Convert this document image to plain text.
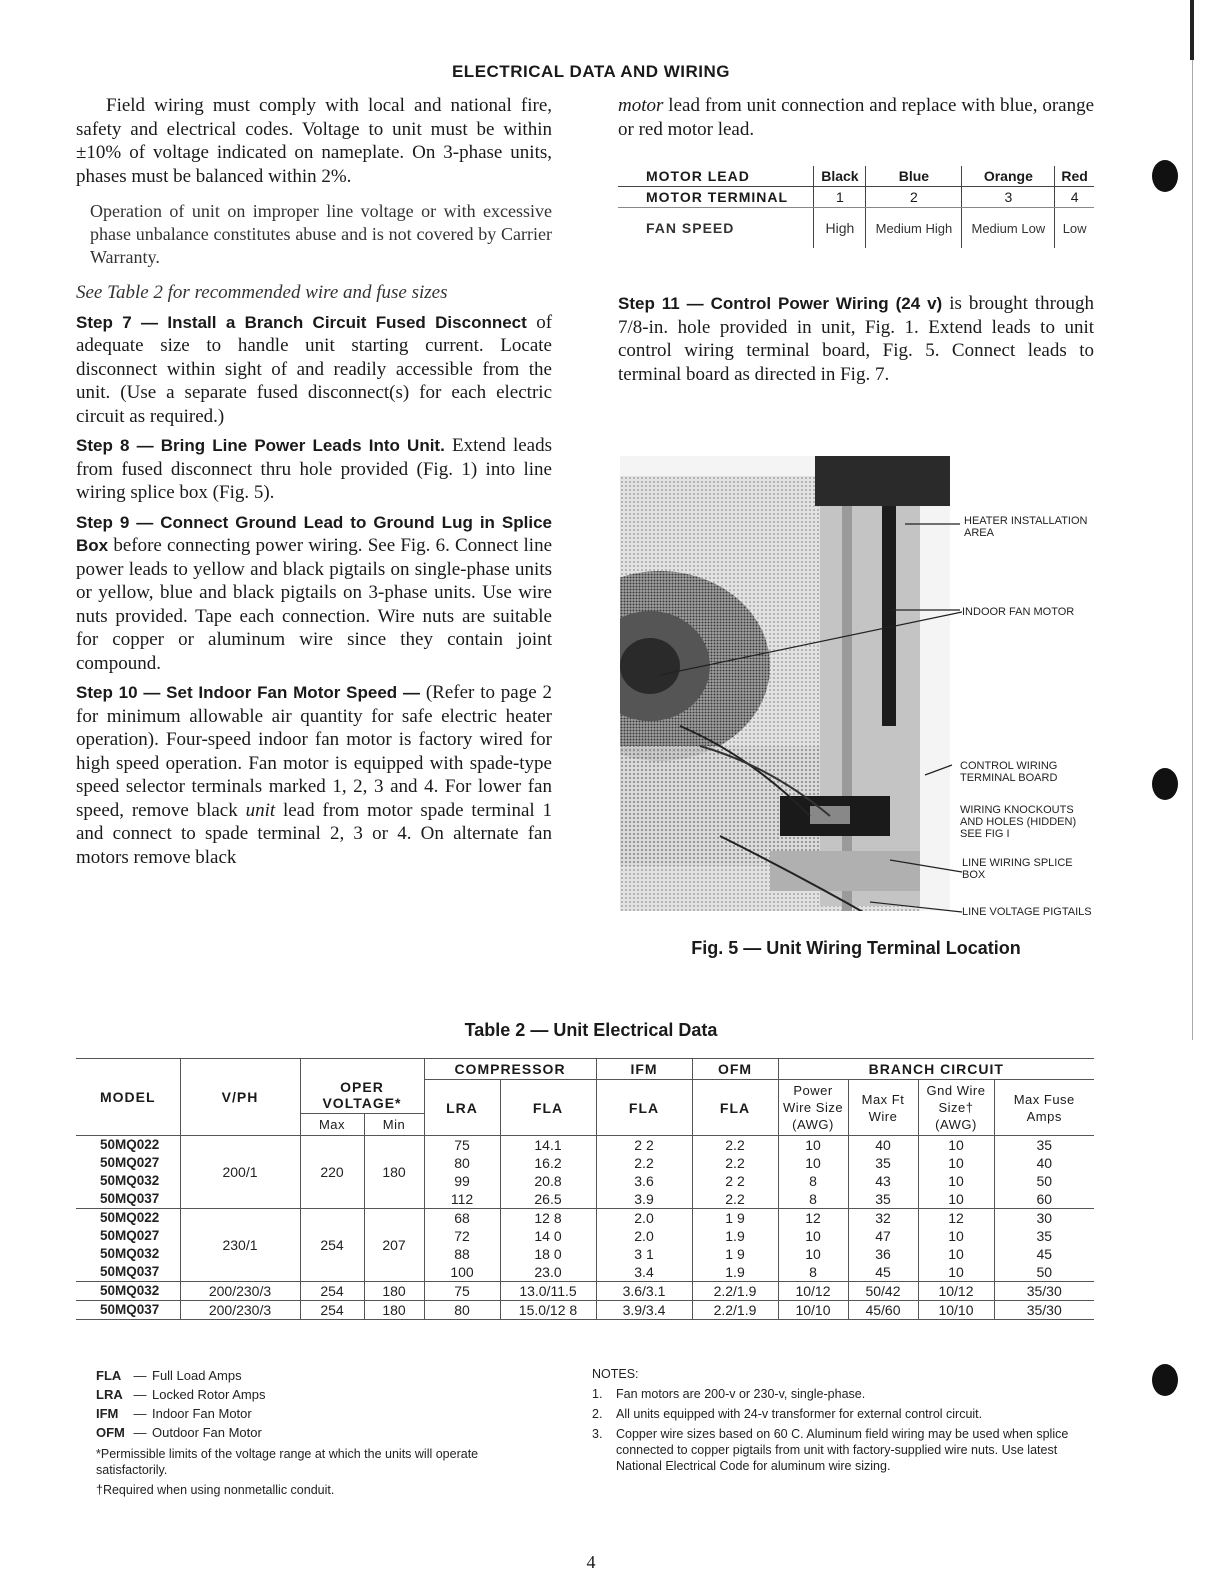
ELECTRICAL DATA AND WIRING

Field wiring must comply with local and national fire, safety and electrical codes. Voltage to unit must be within ±10% of voltage indicated on nameplate. On 3-phase units, phases must be balanced within 2%.

Operation of unit on improper line voltage or with excessive phase unbalance constitutes abuse and is not covered by Carrier Warranty.

See Table 2 for recommended wire and fuse sizes

Step 7 — Install a Branch Circuit Fused Disconnect of adequate size to handle unit starting current. Locate disconnect within sight of and readily accessible from the unit. (Use a separate fused disconnect(s) for each electric circuit as required.)

Step 8 — Bring Line Power Leads Into Unit. Extend leads from fused disconnect thru hole provided (Fig. 1) into line wiring splice box (Fig. 5).

Step 9 — Connect Ground Lead to Ground Lug in Splice Box before connecting power wiring. See Fig. 6. Connect line power leads to yellow and black pigtails on single-phase units or yellow, blue and black pigtails on 3-phase units. Use wire nuts provided. Tape each connection. Wire nuts are suitable for copper or aluminum wire since they contain joint compound.

Step 10 — Set Indoor Fan Motor Speed — (Refer to page 2 for minimum allowable air quantity for safe electric heater operation). Four-speed indoor fan motor is factory wired for high speed operation. Fan motor is equipped with spade-type speed selector terminals marked 1, 2, 3 and 4. For lower fan speed, remove black unit lead from motor spade terminal 1 and connect to spade terminal 2, 3 or 4. On alternate fan motors remove black

motor lead from unit connection and replace with blue, orange or red motor lead.

MOTOR LEAD	Black	Blue	Orange	Red
MOTOR TERMINAL	1	2	3	4
FAN SPEED	High	Medium High	Medium Low	Low
Step 11 — Control Power Wiring (24 v) is brought through 7/8-in. hole provided in unit, Fig. 1. Extend leads to unit control wiring terminal board, Fig. 5. Connect leads to terminal board as directed in Fig. 7.
HEATER INSTALLATION AREA
INDOOR FAN MOTOR
CONTROL WIRING TERMINAL BOARD
WIRING KNOCKOUTS AND HOLES (HIDDEN) SEE FIG I
LINE WIRING SPLICE BOX
LINE VOLTAGE PIGTAILS
Fig. 5 — Unit Wiring Terminal Location
Table 2 — Unit Electrical Data
MODEL	V/PH	OPER VOLTAGE*		COMPRESSOR		IFM	OFM	BRANCH CIRCUIT			
				LRA	FLA	FLA	FLA	Power Wire Size (AWG)	Max Ft Wire	Gnd Wire Size† (AWG)	Max Fuse Amps
		Max	Min								
50MQ022	200/1	220	180	75	14.1	2 2	2.2	10	40	10	35
50MQ027				80	16.2	2.2	2.2	10	35	10	40
50MQ032				99	20.8	3.6	2 2	8	43	10	50
50MQ037				112	26.5	3.9	2.2	8	35	10	60
50MQ022	230/1	254	207	68	12 8	2.0	1 9	12	32	12	30
50MQ027				72	14 0	2.0	1.9	10	47	10	35
50MQ032				88	18 0	3 1	1 9	10	36	10	45
50MQ037				100	23.0	3.4	1.9	8	45	10	50
50MQ032	200/230/3	254	180	75	13.0/11.5	3.6/3.1	2.2/1.9	10/12	50/42	10/12	35/30
50MQ037	200/230/3	254	180	80	15.0/12 8	3.9/3.4	2.2/1.9	10/10	45/60	10/10	35/30
FLA — Full Load Amps
LRA — Locked Rotor Amps
IFM	— Indoor Fan Motor
OFM — Outdoor Fan Motor
*Permissible limits of the voltage range at which the units will operate satisfactorily.
†Required when using nonmetallic conduit.
NOTES:
1.	Fan motors are 200-v or 230-v, single-phase.
2.	All units equipped with 24-v transformer for external control circuit.
3.	Copper wire sizes based on 60 C. Aluminum field wiring may be used when splice connected to copper pigtails from unit with factory-supplied wire nuts. Use latest National Electrical Code for aluminum wire sizing.
4
